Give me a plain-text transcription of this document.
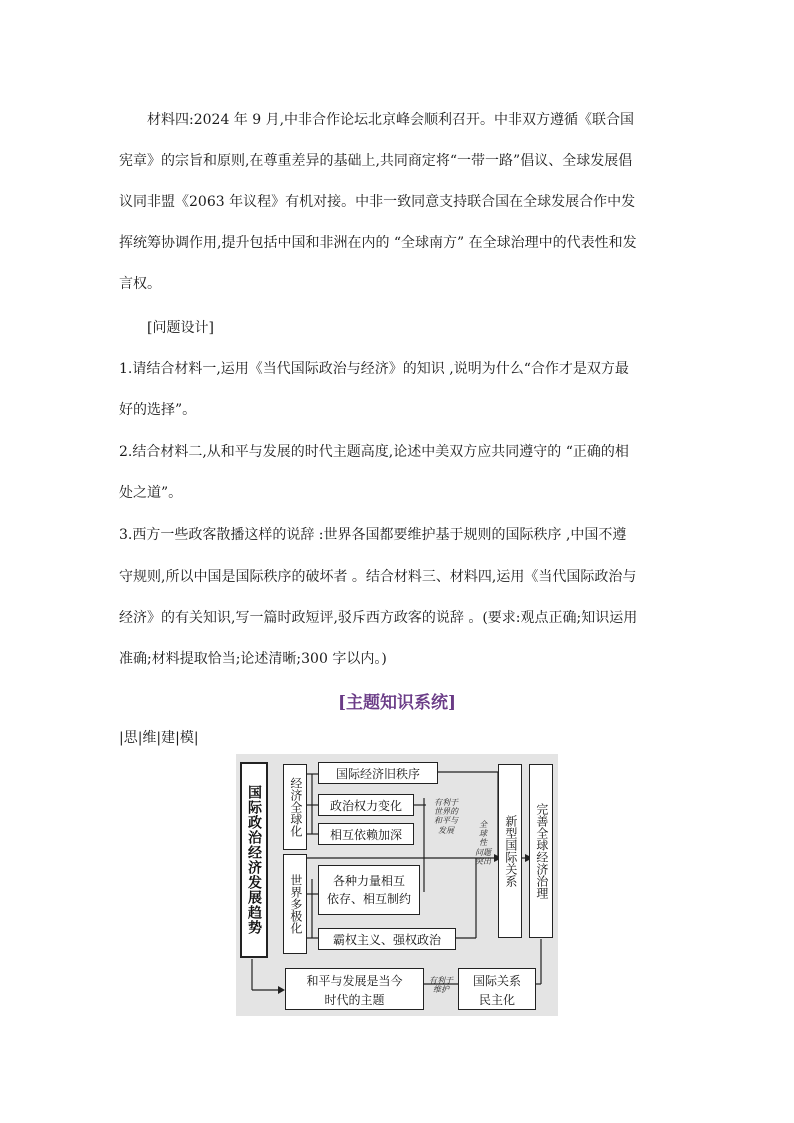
材料四:2024 年 9 月,中非合作论坛北京峰会顺利召开。中非双方遵循《联合国
宪章》的宗旨和原则,在尊重差异的基础上,共同商定将“一带一路”倡议、全球发展倡
议同非盟《2063 年议程》有机对接。中非一致同意支持联合国在全球发展合作中发
挥统筹协调作用,提升包括中国和非洲在内的 “全球南方” 在全球治理中的代表性和发
言权。
[问题设计]
1.请结合材料一,运用《当代国际政治与经济》的知识 ,说明为什么“合作才是双方最
好的选择”。
2.结合材料二,从和平与发展的时代主题高度,论述中美双方应共同遵守的 “正确的相
处之道”。
3.西方一些政客散播这样的说辞 :世界各国都要维护基于规则的国际秩序 ,中国不遵
守规则,所以中国是国际秩序的破坏者 。结合材料三、材料四,运用《当代国际政治与
经济》的有关知识,写一篇时政短评,驳斥西方政客的说辞 。(要求:观点正确;知识运用
准确;材料提取恰当;论述清晰;300 字以内。)
[主题知识系统]
|思|维|建|模|
国际政治经济发展趋势 经济全球化
世界多极化
国际经济旧秩序
政治权力变化
相互依赖加深
各种力量相互
依存、相互制约
霸权主义、强权政治
新型国际关系 完善全球经济治理
和平与发展是当今
时代的主题
国际关系
民主化
有利于
世界的
和平与
发展
全
球
性
问题
突出
有利于
维护
